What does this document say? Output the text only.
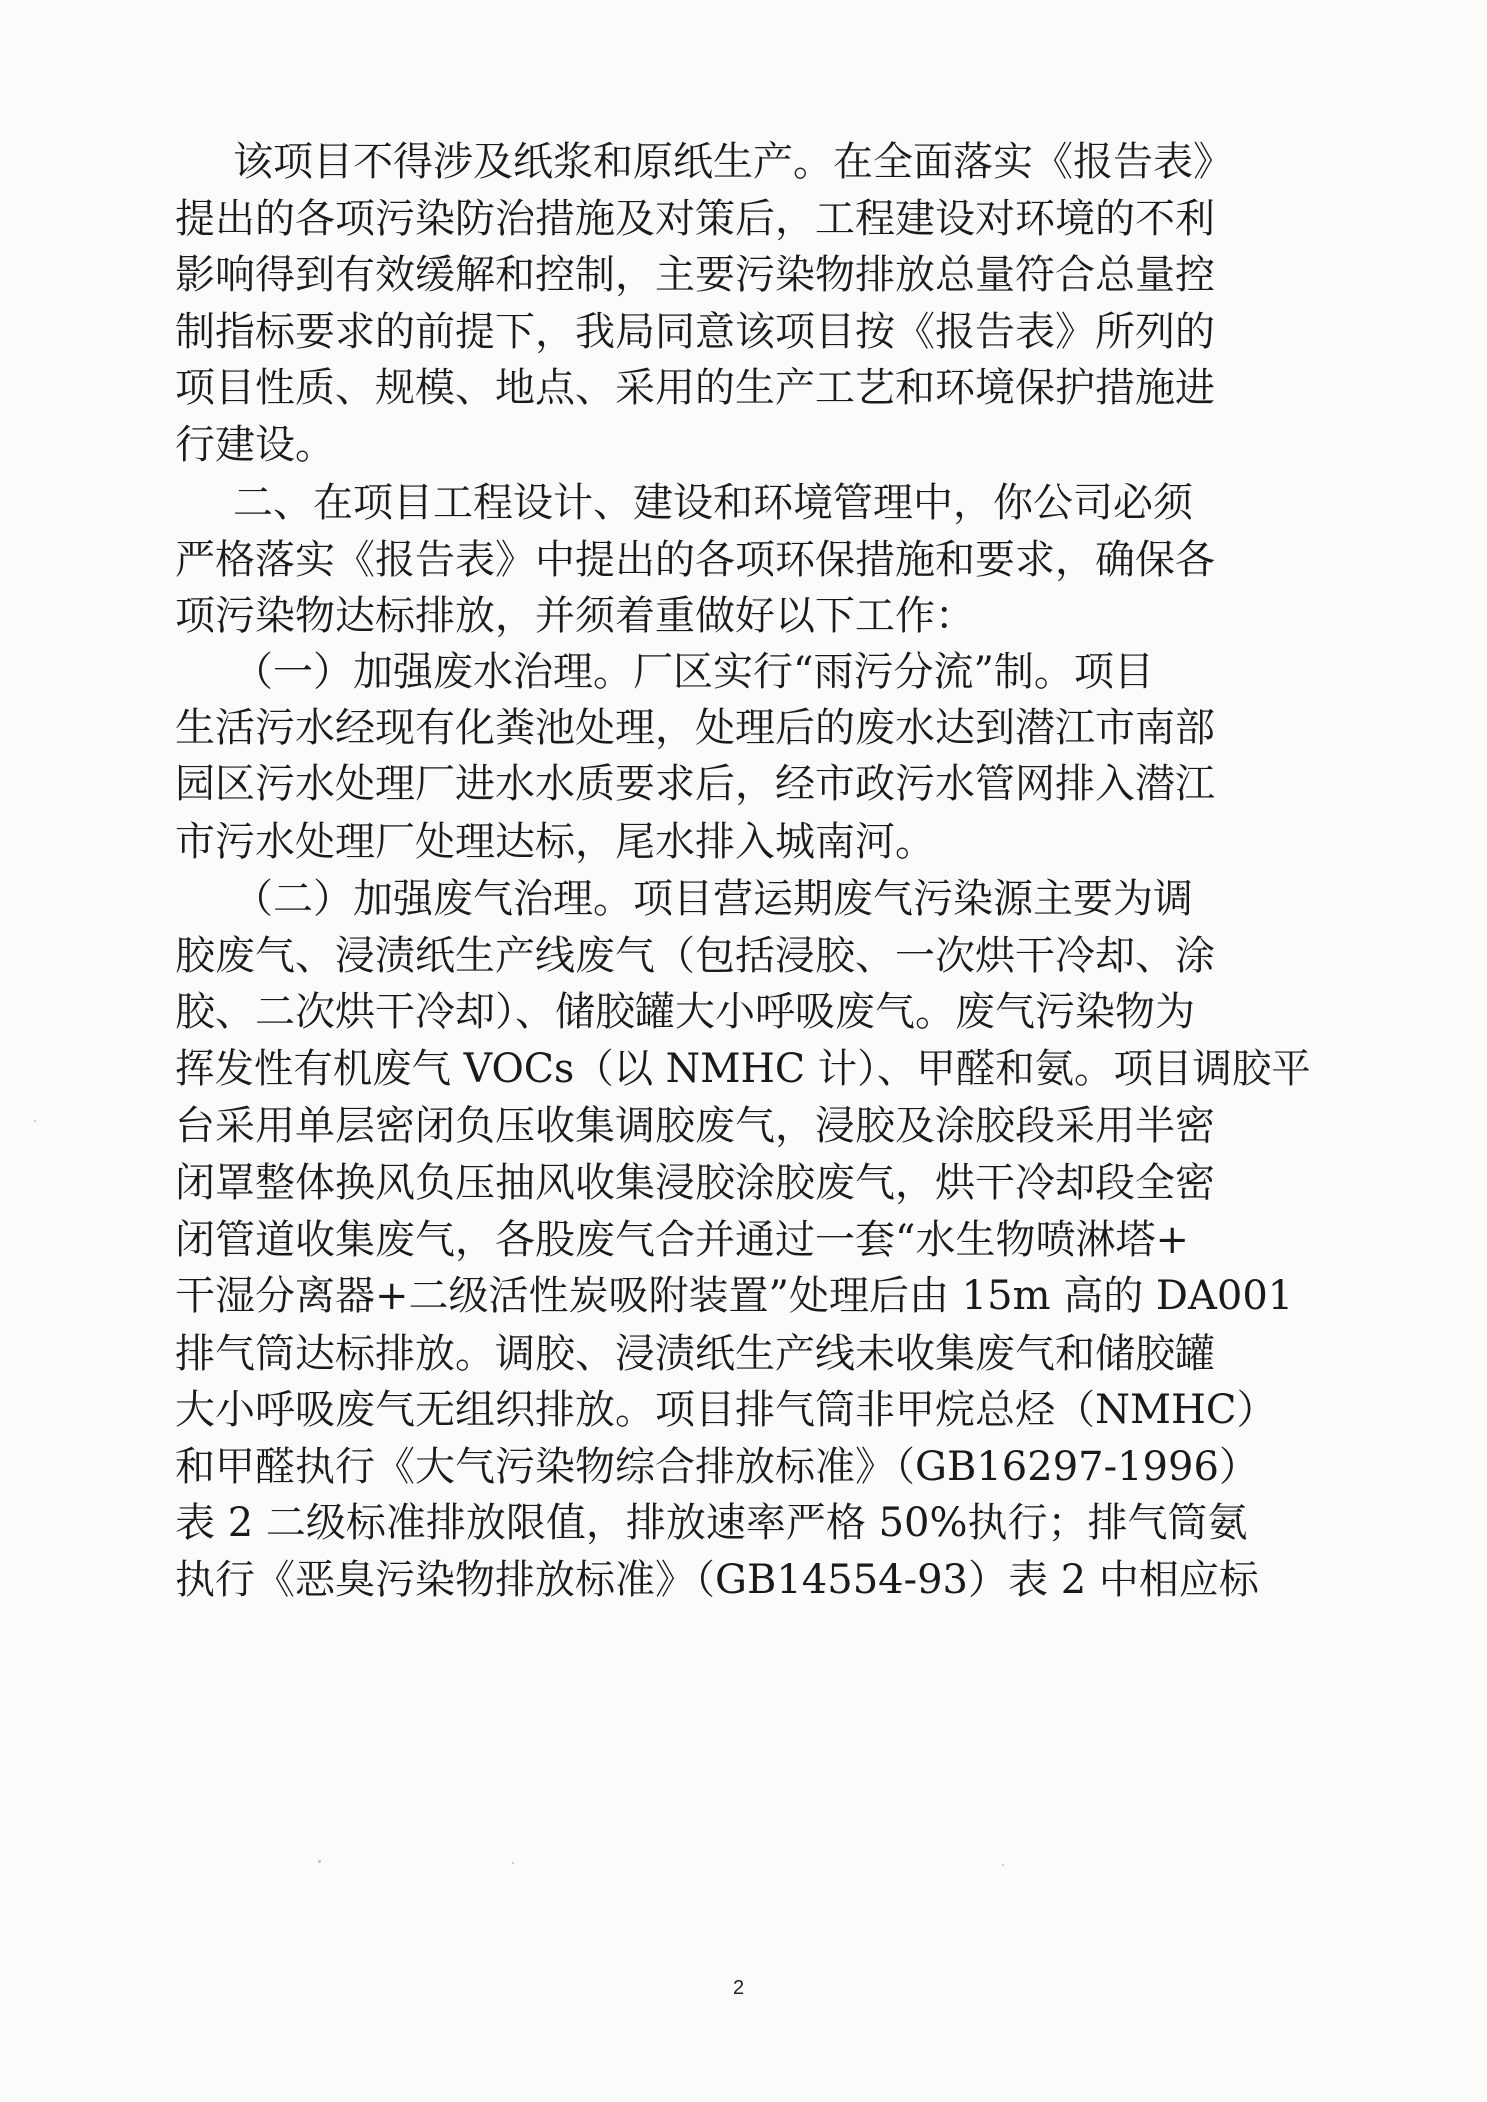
该项目不得涉及纸浆和原纸生产。在全面落实《报告表》
提出的各项污染防治措施及对策后，工程建设对环境的不利
影响得到有效缓解和控制，主要污染物排放总量符合总量控
制指标要求的前提下，我局同意该项目按《报告表》所列的
项目性质、规模、地点、采用的生产工艺和环境保护措施进
行建设。
二、在项目工程设计、建设和环境管理中，你公司必须
严格落实《报告表》中提出的各项环保措施和要求，确保各
项污染物达标排放，并须着重做好以下工作：
（一）加强废水治理。厂区实行“雨污分流”制。项目
生活污水经现有化粪池处理，处理后的废水达到潜江市南部
园区污水处理厂进水水质要求后，经市政污水管网排入潜江
市污水处理厂处理达标，尾水排入城南河。
（二）加强废气治理。项目营运期废气污染源主要为调
胶废气、浸渍纸生产线废气（包括浸胶、一次烘干冷却、涂
胶、二次烘干冷却）、储胶罐大小呼吸废气。废气污染物为
挥发性有机废气 VOCs（以 NMHC 计）、甲醛和氨。项目调胶平
台采用单层密闭负压收集调胶废气，浸胶及涂胶段采用半密
闭罩整体换风负压抽风收集浸胶涂胶废气，烘干冷却段全密
闭管道收集废气，各股废气合并通过一套“水生物喷淋塔+
干湿分离器+二级活性炭吸附装置”处理后由 15m 高的 DA001
排气筒达标排放。调胶、浸渍纸生产线未收集废气和储胶罐
大小呼吸废气无组织排放。项目排气筒非甲烷总烃（NMHC）
和甲醛执行《大气污染物综合排放标准》（GB16297-1996）
表 2 二级标准排放限值，排放速率严格 50%执行；排气筒氨
执行《恶臭污染物排放标准》（GB14554-93）表 2 中相应标
2
